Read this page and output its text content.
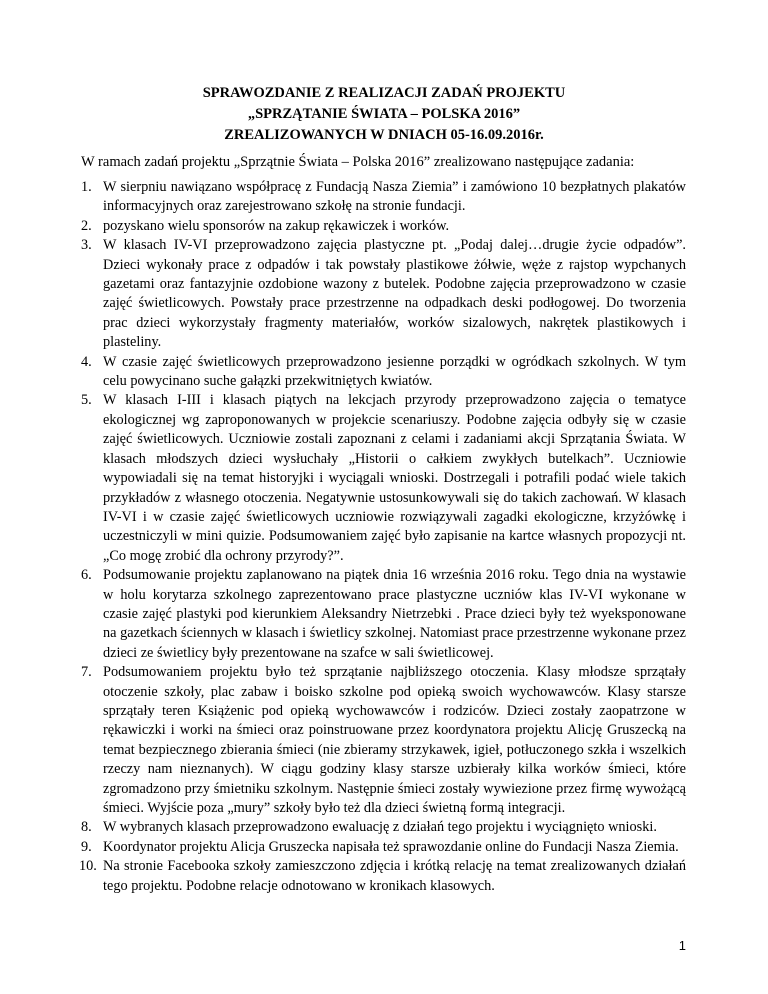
SPRAWOZDANIE Z REALIZACJI ZADAŃ PROJEKTU
„SPRZĄTANIE ŚWIATA – POLSKA 2016”
ZREALIZOWANYCH W DNIACH 05-16.09.2016r.
W ramach zadań projektu „Sprzątnie Świata – Polska 2016” zrealizowano następujące zadania:
1. W sierpniu nawiązano współpracę z Fundacją Nasza Ziemia” i zamówiono 10 bezpłatnych plakatów informacyjnych oraz zarejestrowano szkołę na stronie fundacji.
2. pozyskano wielu sponsorów na zakup rękawiczek i worków.
3. W klasach IV-VI przeprowadzono zajęcia plastyczne pt. „Podaj dalej…drugie życie odpadów”. Dzieci wykonały prace z odpadów i tak powstały plastikowe żółwie, węże z rajstop wypchanych gazetami oraz fantazyjnie ozdobione wazony z butelek. Podobne zajęcia przeprowadzono w czasie zajęć świetlicowych. Powstały prace przestrzenne na odpadkach deski podłogowej. Do tworzenia prac dzieci wykorzystały fragmenty materiałów, worków sizalowych, nakrętek plastikowych i plasteliny.
4. W czasie zajęć świetlicowych przeprowadzono jesienne porządki w ogródkach szkolnych. W tym celu powycinano suche gałązki przekwitniętych kwiatów.
5. W klasach I-III i klasach piątych na lekcjach przyrody przeprowadzono zajęcia o tematyce ekologicznej wg zaproponowanych w projekcie scenariuszy. Podobne zajęcia odbyły się w czasie zajęć świetlicowych. Uczniowie zostali zapoznani z celami i zadaniami akcji Sprzątania Świata. W klasach młodszych dzieci wysłuchały „Historii o całkiem zwykłych butelkach”. Uczniowie wypowiadali się na temat historyjki i wyciągali wnioski. Dostrzegali i potrafili podać wiele takich przykładów z własnego otoczenia. Negatywnie ustosunkowywali się do takich zachowań. W klasach IV-VI i w czasie zajęć świetlicowych uczniowie rozwiązywali zagadki ekologiczne, krzyżówkę i uczestniczyli w mini quizie. Podsumowaniem zajęć było zapisanie na kartce własnych propozycji nt. „Co mogę zrobić dla ochrony przyrody?”.
6. Podsumowanie projektu zaplanowano na piątek dnia 16 września 2016 roku. Tego dnia na wystawie w holu korytarza szkolnego zaprezentowano prace plastyczne uczniów klas IV-VI wykonane w czasie zajęć plastyki pod kierunkiem Aleksandry Nietrzebki . Prace dzieci były też wyeksponowane na gazetkach ściennych w klasach i świetlicy szkolnej. Natomiast prace przestrzenne wykonane przez dzieci ze świetlicy były prezentowane na szafce w sali świetlicowej.
7. Podsumowaniem projektu było też sprzątanie najbliższego otoczenia. Klasy młodsze sprzątały otoczenie szkoły, plac zabaw i boisko szkolne pod opieką swoich wychowawców. Klasy starsze sprzątały teren Książenic pod opieką wychowawców i rodziców. Dzieci zostały zaopatrzone w rękawiczki i worki na śmieci oraz poinstruowane przez koordynatora projektu Alicję Gruszecką na temat bezpiecznego zbierania śmieci (nie zbieramy strzykawek, igieł, potłuczonego szkła i wszelkich rzeczy nam nieznanych). W ciągu godziny klasy starsze uzbierały kilka worków śmieci, które zgromadzono przy śmietniku szkolnym. Następnie śmieci zostały wywiezione przez firmę wywożącą śmieci. Wyjście poza „mury” szkoły było też dla dzieci świetną formą integracji.
8. W wybranych klasach przeprowadzono ewaluację z działań tego projektu i wyciągnięto wnioski.
9. Koordynator projektu Alicja Gruszecka napisała też sprawozdanie online do Fundacji Nasza Ziemia.
10. Na stronie Facebooka szkoły zamieszczono zdjęcia i krótką relację na temat zrealizowanych działań tego projektu. Podobne relacje odnotowano w kronikach klasowych.
1
